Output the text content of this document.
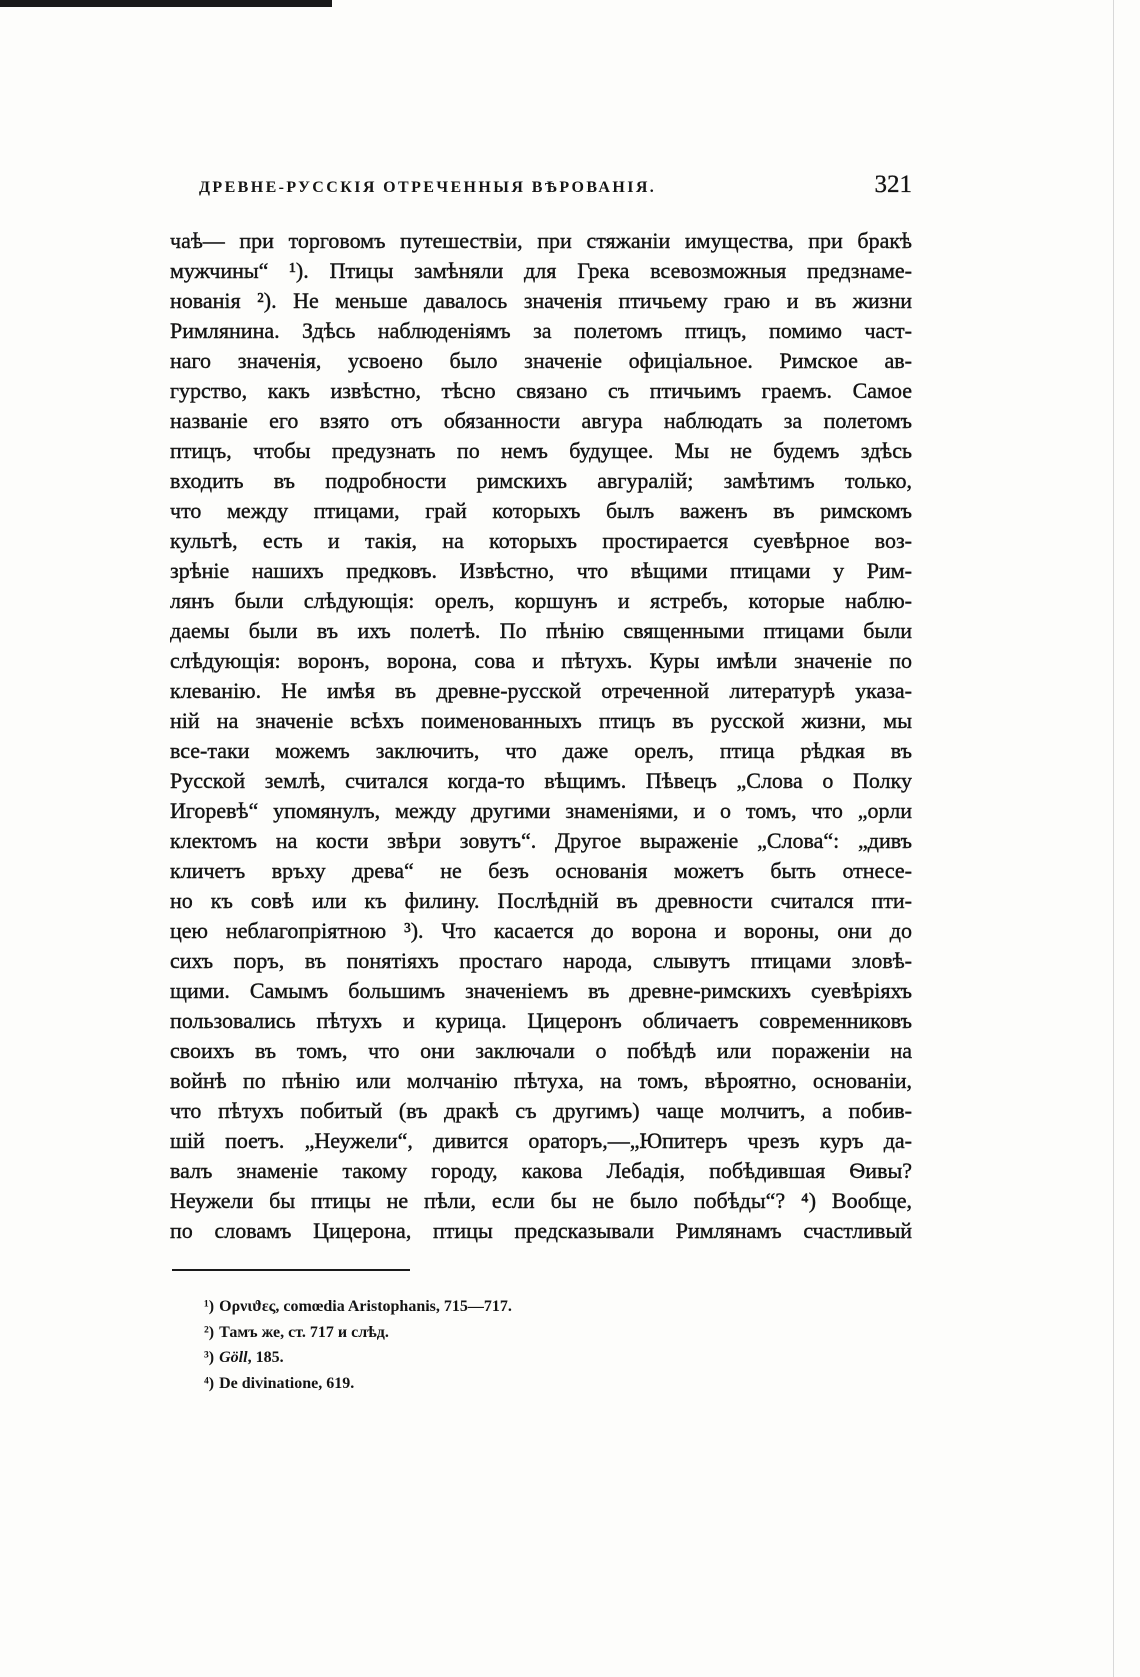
ДРЕВНЕ-РУССКІЯ ОТРЕЧЕННЫЯ ВѢРОВАНІЯ.	321
чаѣ— при торговомъ путешествіи, при стяжаніи имущества, при бракѣ
мужчины“ ¹). Птицы замѣняли для Грека всевозможныя предзнаме-
нованія ²). Не меньше давалось значенія птичьему граю и въ жизни
Римлянина. Здѣсь наблюденіямъ за полетомъ птицъ, помимо част-
наго значенія, усвоено было значеніе офиціальное. Римское ав-
гурство, какъ извѣстно, тѣсно связано съ птичьимъ граемъ. Самое
названіе его взято отъ обязанности авгура наблюдать за полетомъ
птицъ, чтобы предузнать по немъ будущее. Мы не будемъ здѣсь
входить въ подробности римскихъ авгуралій; замѣтимъ только,
что между птицами, грай которыхъ былъ важенъ въ римскомъ
культѣ, есть и такія, на которыхъ простирается суевѣрное воз-
зрѣніе нашихъ предковъ. Извѣстно, что вѣщими птицами у Рим-
лянъ были слѣдующія: орелъ, коршунъ и ястребъ, которые наблю-
даемы были въ ихъ полетѣ. По пѣнію священными птицами были
слѣдующія: воронъ, ворона, сова и пѣтухъ. Куры имѣли значеніе по
клеванію. Не имѣя въ древне-русской отреченной литературѣ указа-
ній на значеніе всѣхъ поименованныхъ птицъ въ русской жизни, мы
все-таки можемъ заключить, что даже орелъ, птица рѣдкая въ
Русской землѣ, считался когда-то вѣщимъ. Пѣвецъ „Слова о Полку
Игоревѣ“ упомянулъ, между другими знаменіями, и о томъ, что „орли
клектомъ на кости звѣри зовутъ“. Другое выраженіе „Слова“: „дивъ
кличетъ връху древа“ не безъ основанія можетъ быть отнесе-
но къ совѣ или къ филину. Послѣдній въ древности считался пти-
цею неблагопріятною ³). Что касается до ворона и вороны, они до
сихъ поръ, въ понятіяхъ простаго народа, слывутъ птицами зловѣ-
щими. Самымъ большимъ значеніемъ въ древне-римскихъ суевѣріяхъ
пользовались пѣтухъ и курица. Цицеронъ обличаетъ современниковъ
своихъ въ томъ, что они заключали о побѣдѣ или пораженіи на
войнѣ по пѣнію или молчанію пѣтуха, на томъ, вѣроятно, основаніи,
что пѣтухъ побитый (въ дракѣ съ другимъ) чаще молчитъ, а побив-
шій поетъ. „Неужели“, дивится ораторъ,—„Юпитеръ чрезъ куръ да-
валъ знаменіе такому городу, какова Лебадія, побѣдившая Ѳивы?
Неужели бы птицы не пѣли, если бы не было побѣды“? ⁴) Вообще,
по словамъ Цицерона, птицы предсказывали Римлянамъ счастливый
¹) Ορνιϑες, comœdia Aristophanis, 715—717.
²) Тамъ же, ст. 717 и слѣд.
³) Göll, 185.
⁴) De divinatione, 619.
